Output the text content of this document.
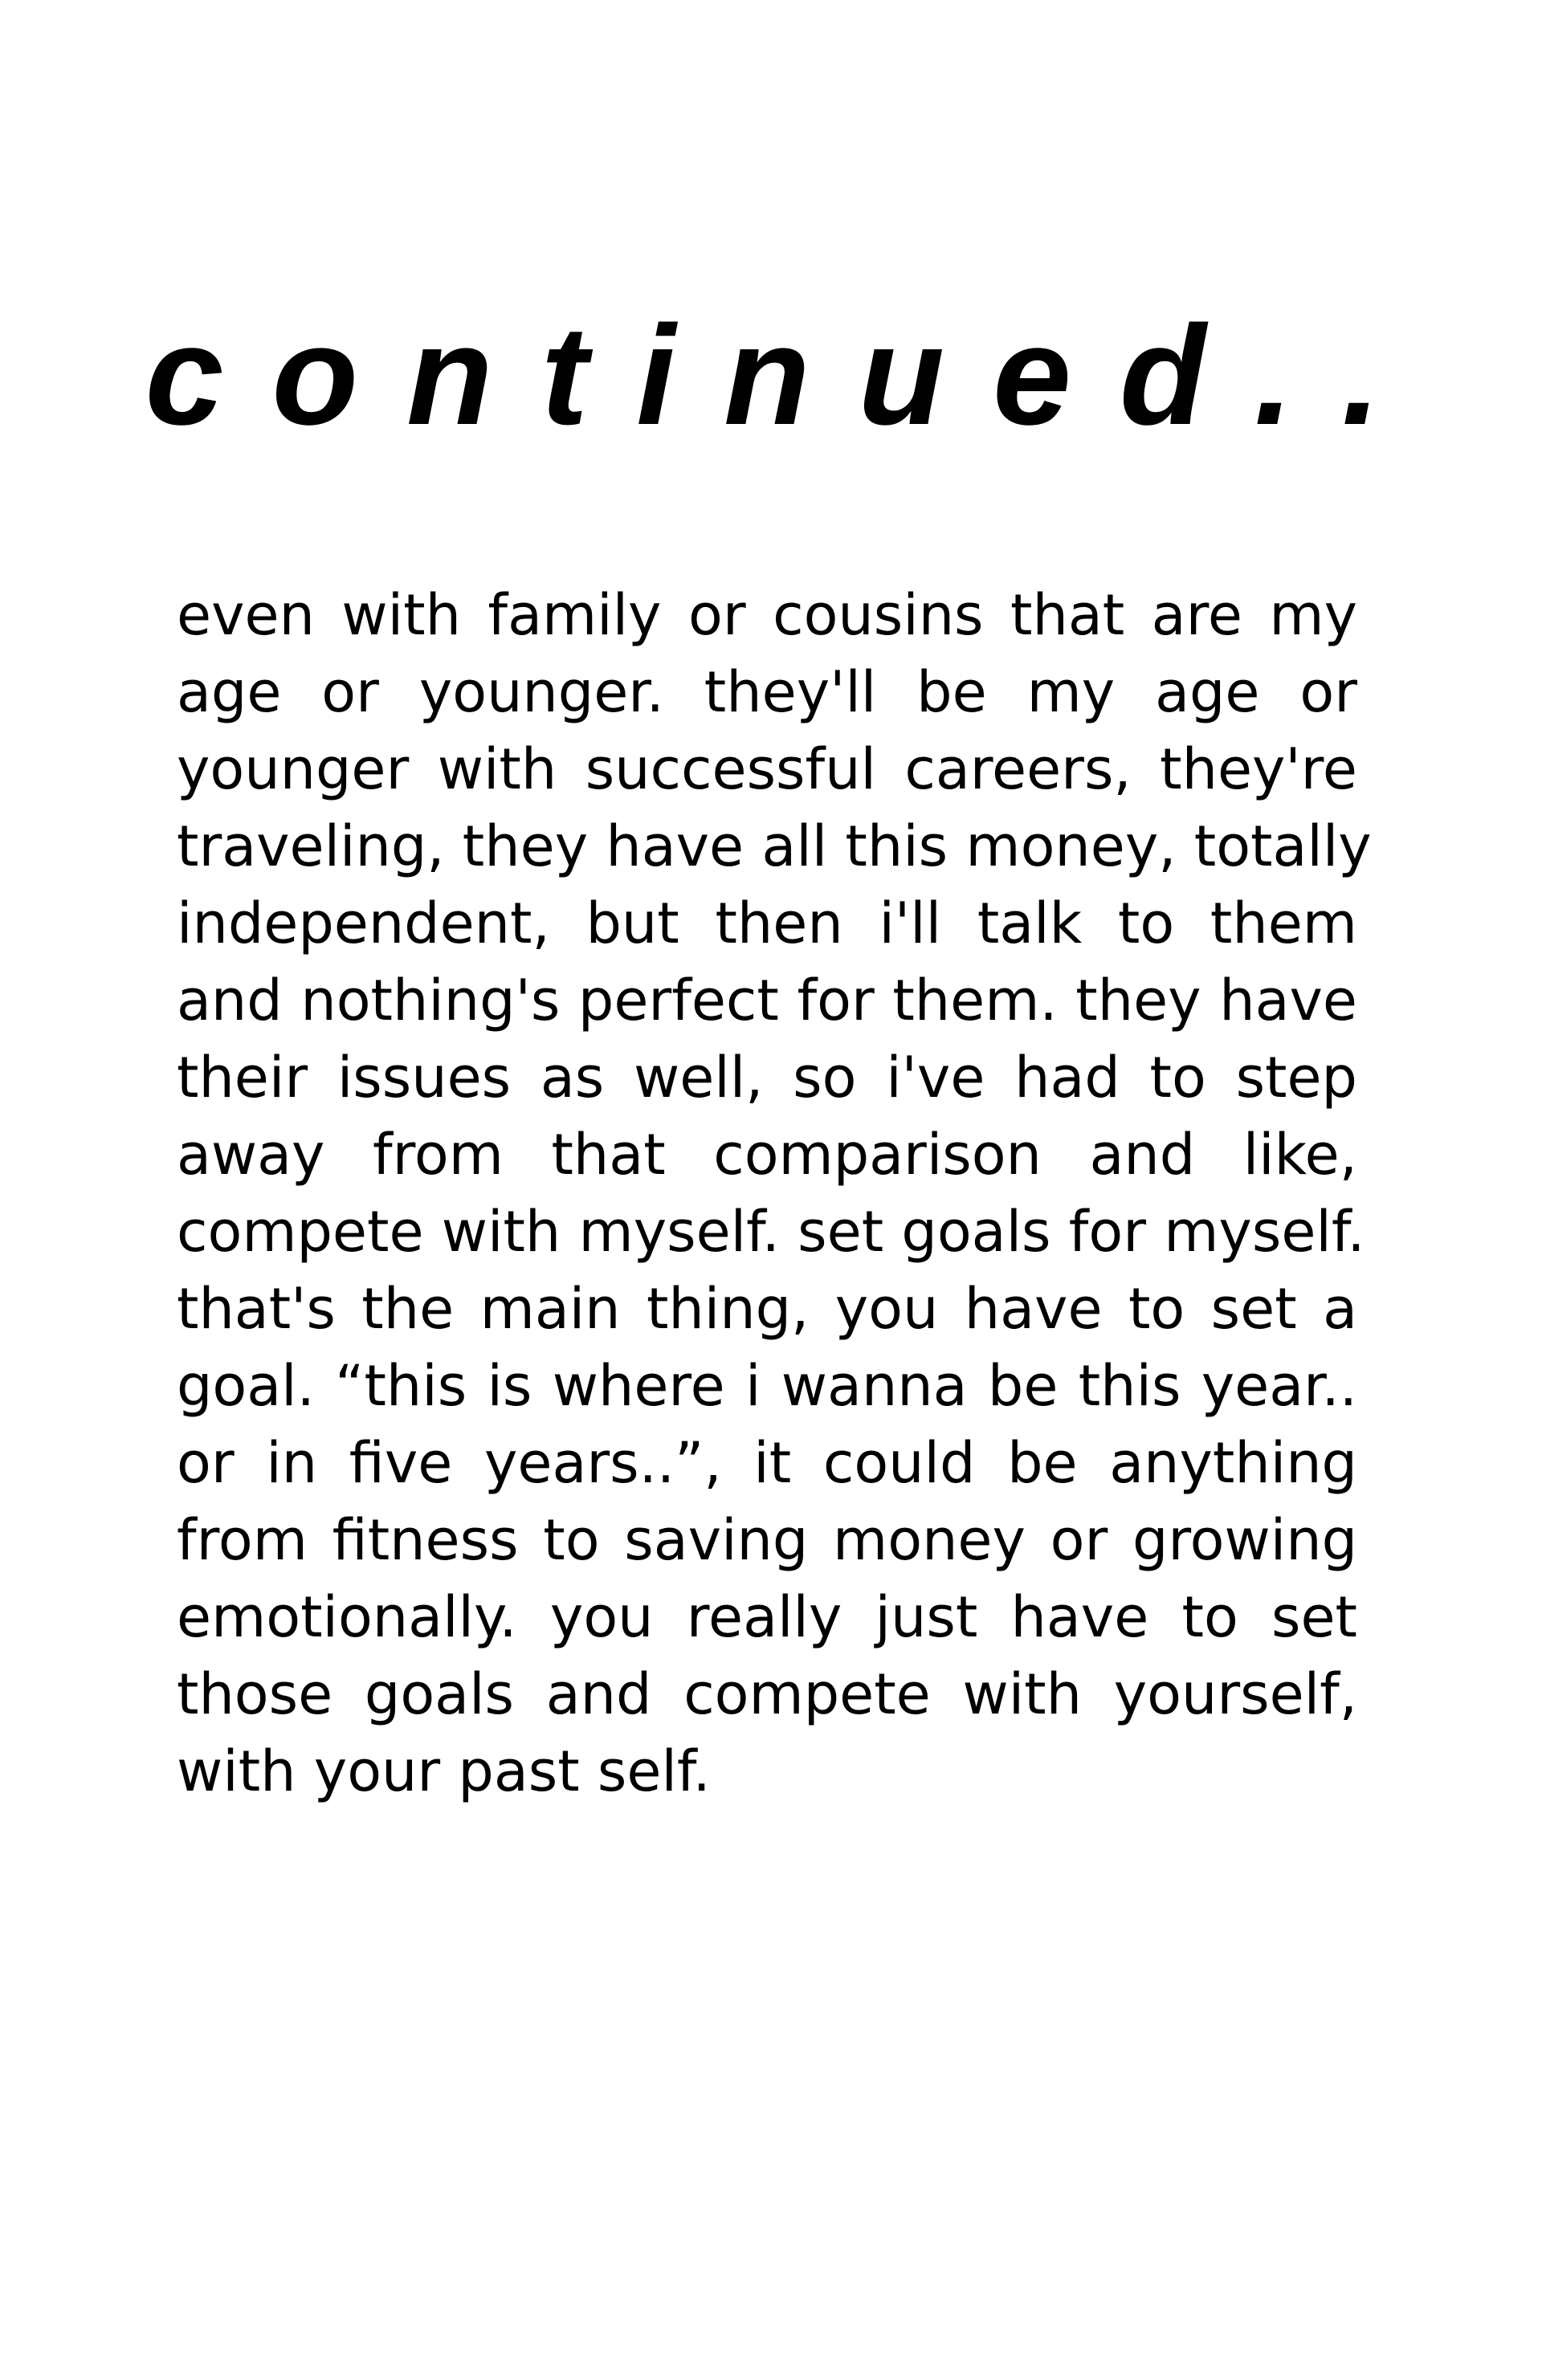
continued..
even with family or cousins that are my
age or younger. they'll be my age or
younger with successful careers, they're
traveling, they have all this money, totally
independent, but then i'll talk to them
and nothing's perfect for them. they have
their issues as well, so i've had to step
away from that comparison and like,
compete with myself. set goals for myself.
that's the main thing, you have to set a
goal. “this is where i wanna be this year..
or in five years..”, it could be anything
from fitness to saving money or growing
emotionally. you really just have to set
those goals and compete with yourself,
with your past self.
